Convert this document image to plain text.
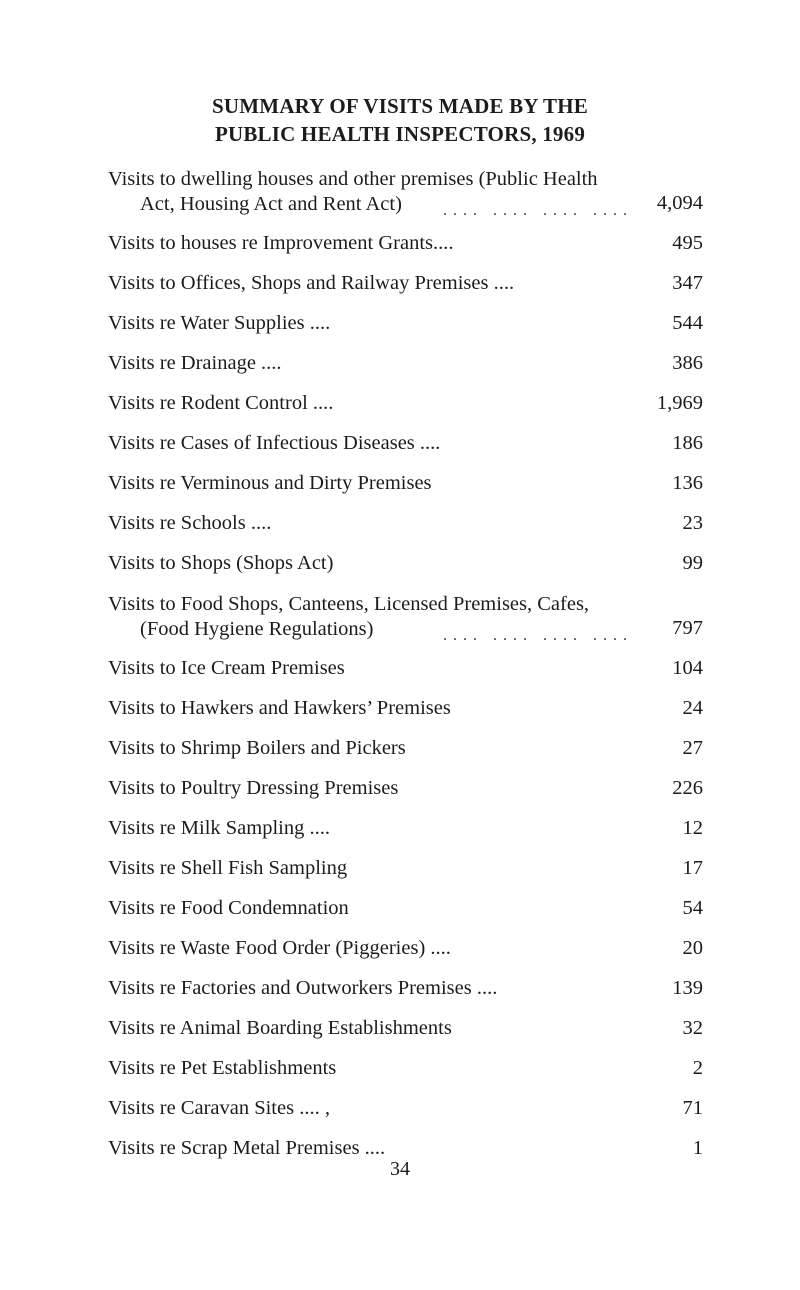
SUMMARY OF VISITS MADE BY THE
PUBLIC HEALTH INSPECTORS, 1969
Visits to dwelling houses and other premises (Public Health
Act, Housing Act and Rent Act)	.... .... .... ....	4,094
Visits to houses re Improvement Grants....	495
Visits to Offices, Shops and Railway Premises ....	347
Visits re Water Supplies ....	544
Visits re Drainage ....	386
Visits re Rodent Control ....	1,969
Visits re Cases of Infectious Diseases ....	186
Visits re Verminous and Dirty Premises	136
Visits re Schools ....	23
Visits to Shops (Shops Act)	99
Visits to Food Shops, Canteens, Licensed Premises, Cafes,
(Food Hygiene Regulations)	.... .... .... ....	797
Visits to Ice Cream Premises	104
Visits to Hawkers and Hawkers’ Premises	24
Visits to Shrimp Boilers and Pickers	27
Visits to Poultry Dressing Premises	226
Visits re Milk Sampling ....	12
Visits re Shell Fish Sampling	17
Visits re Food Condemnation	54
Visits re Waste Food Order (Piggeries) ....	20
Visits re Factories and Outworkers Premises ....	139
Visits re Animal Boarding Establishments	32
Visits re Pet Establishments	2
Visits re Caravan Sites .... ,	71
Visits re Scrap Metal Premises ....	1
34
